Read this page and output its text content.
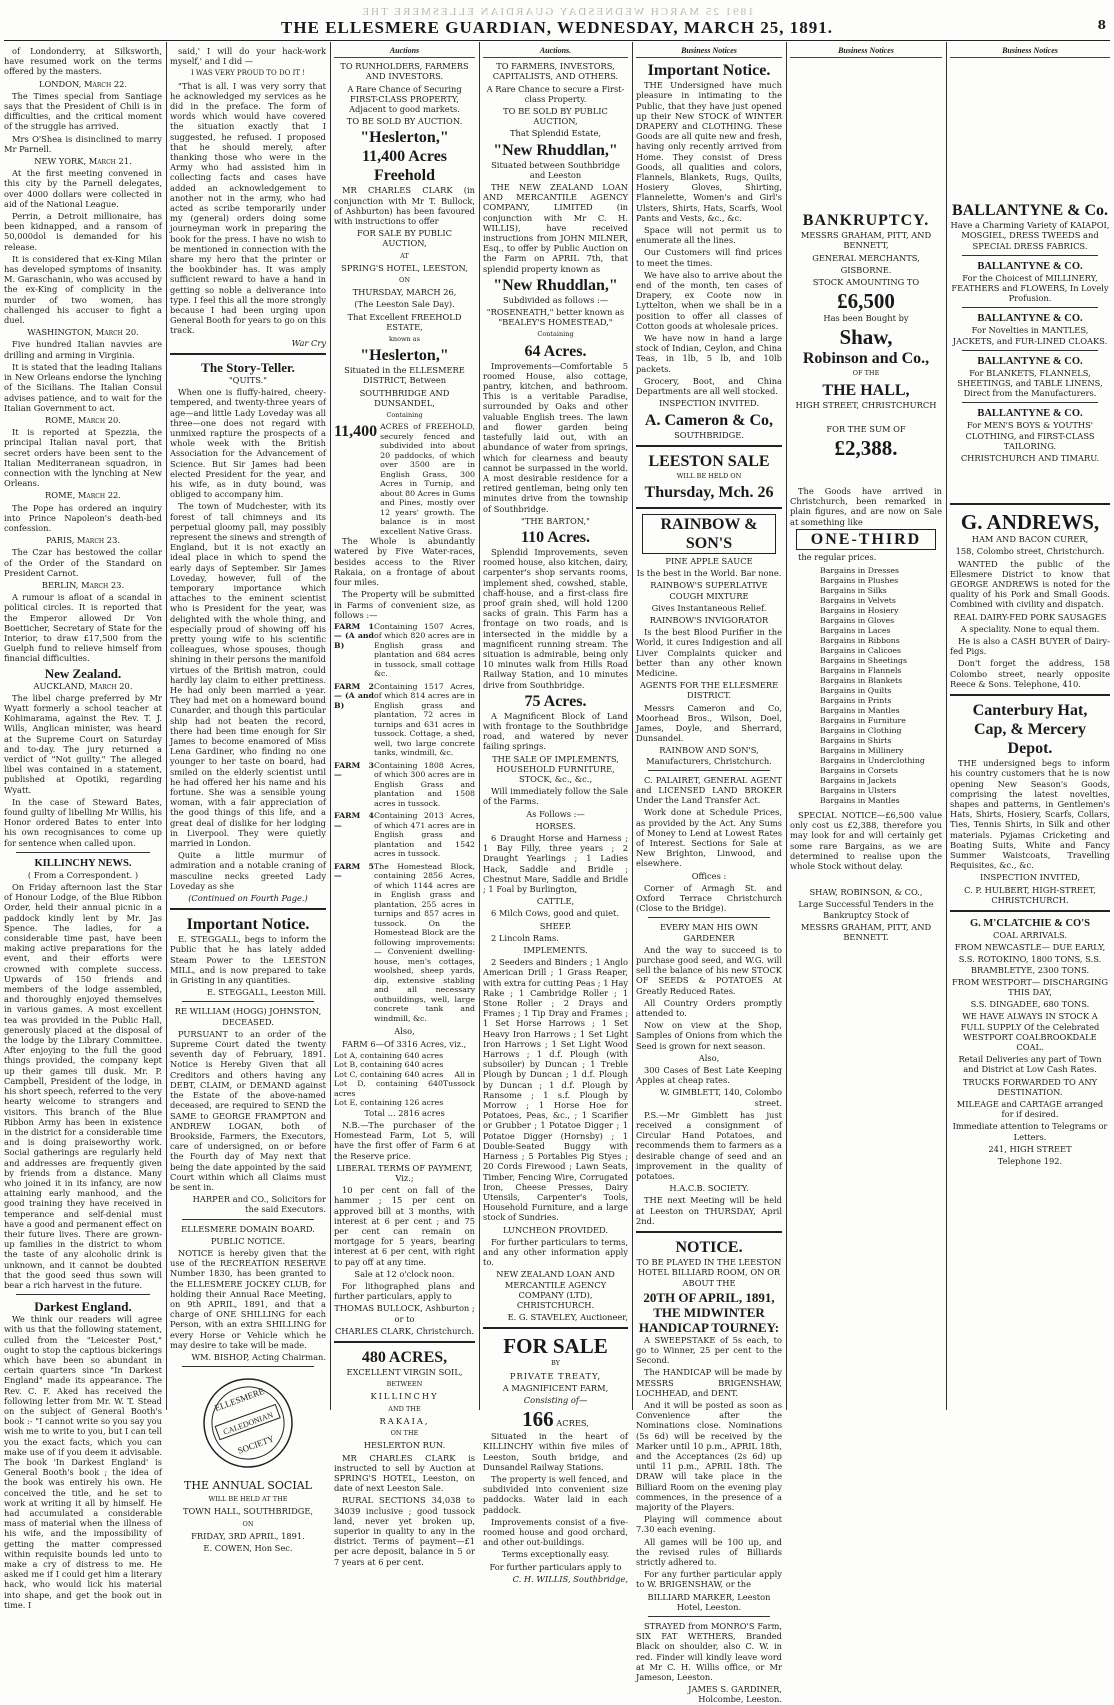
1891 25 MARCH WEDNESDAY GUARDIAN ELLESMERE THE
THE ELLESMERE GUARDIAN, WEDNESDAY, MARCH 25, 1891.	8

of Londonderry, at Silksworth, have resumed work on the terms offered by the masters.

LONDON, March 22.

The Times special from Santiage says that the President of Chili is in difficulties, and the critical moment of the struggle has arrived.

Mrs O'Shea is disinclined to marry Mr Parnell.

NEW YORK, March 21.

At the first meeting convened in this city by the Parnell delegates, over 4000 dollars were collected in aid of the National League.

Perrin, a Detroit millionaire, has been kidnapped, and a ransom of 50,000dol is demanded for his release.

It is considered that ex-King Milan has developed symptoms of insanity. M. Garaschanin, who was accused by the ex-King of complicity in the murder of two women, has challenged his accuser to fight a duel.

WASHINGTON, March 20.

Five hundred Italian navvies are drilling and arming in Virginia.

It is stated that the leading Italians in New Orleans endorse the lynching of the Sicilians. The Italian Consul advises patience, and to wait for the Italian Government to act.

ROME, March 20.

It is reported at Spezzia, the principal Italian naval port, that secret orders have been sent to the Italian Mediterranean squadron, in connection with the lynching at New Orleans.

ROME, March 22.

The Pope has ordered an inquiry into Prince Napoleon's death-bed confession.

PARIS, March 23.

The Czar has bestowed the collar of the Order of the Standard on President Carnot.

BERLIN, March 23.

A rumour is afloat of a scandal in political circles. It is reported that the Emperor allowed Dr Von Boetticher, Secretary of State for the Interior, to draw £17,500 from the Guelph fund to relieve himself from financial difficulties.

New Zealand.

AUCKLAND, March 20.

The libel charge preferred by Mr Wyatt formerly a school teacher at Kohimarama, against the Rev. T. J. Wills, Anglican minister, was heard at the Supreme Court on Saturday and to-day. The jury returned a verdict of "Not guilty." The alleged libel was contained in a statement, published at Opotiki, regarding Wyatt.

In the case of Steward Bates, found guilty of libelling Mr Willis, his Honor ordered Bates to enter into his own recognisances to come up for sentence when called upon.

KILLINCHY NEWS.

( From a Correspondent. )

On Friday afternoon last the Star of Honour Lodge, of the Blue Ribbon Order, held their annual picnic in a paddock kindly lent by Mr. Jas Spence. The ladies, for a considerable time past, have been making active preparations for the event, and their efforts were crowned with complete success. Upwards of 150 friends and members of the lodge assembled, and thoroughly enjoyed themselves in various games. A most excellent tea was provided in the Public Hall, generously placed at the disposal of the lodge by the Library Committee. After enjoying to the full the good things provided, the company kept up their games till dusk. Mr. P. Campbell, President of the lodge, in his short speech, referred to the very hearty welcome to strangers and visitors. This branch of the Blue Ribbon Army has been in existence in the district for a considerable time and is doing praiseworthy work. Social gatherings are regularly held and addresses are frequently given by friends from a distance. Many who joined it in its infancy, are now attaining early manhood, and the good training they have received in temperance and self-denial must have a good and permanent effect on their future lives. There are grown-up families in the district to whom the taste of any alcoholic drink is unknown, and it cannot be doubted that the good seed thus sown will bear a rich harvest in the future.

Darkest England.

We think our readers will agree with us that the following statement, culled from the "Leicester Post," ought to stop the captious bickerings which have been so abundant in certain quarters since "In Darkest England" made its appearance. The Rev. C. F. Aked has received the following letter from Mr. W. T. Stead on the subject of General Booth's book :- "I cannot write so you say you wish me to write to you, but I can tell you the exact facts, which you can make use of if you deem it advisable. The book 'In Darkest England' is General Booth's book ; the idea of the book was entirely his own. He conceived the title, and he set to work at writing it all by himself. He had accumulated a considerable mass of material when the illness of his wife, and the impossibility of getting the matter compressed within requisite bounds led unto to make a cry of distress to me. He asked me if I could get him a literary hack, who would lick his material into shape, and get the book out in time. I

said,' I will do your hack-work myself,' and I did —

I WAS VERY PROUD TO DO IT !

"That is all. I was very sorry that he acknowledged my services as he did in the preface. The form of words which would have covered the situation exactly that I suggested, he refused. I proposed that he should merely, after thanking those who were in the Army who had assisted him in collecting facts and cases have added an acknowledgement to another not in the army, who had acted as scribe temporarily under my (general) orders doing some journeyman work in preparing the book for the press. I have no wish to be mentioned in connection with the share my hero that the printer or the bookbinder has. It was amply sufficient reward to have a hand in getting so noble a deliverance into type. I feel this all the more strongly because I had been urging upon General Booth for years to go on this track.

War Cry

The Story-Teller.

"QUITS."

When one is fluffy-haired, cheery-tempered, and twenty-three years of age—and little Lady Loveday was all three—one does not regard with unmixed rapture the prospects of a whole week with the British Association for the Advancement of Science. But Sir James had been elected President for the year, and his wife, as in duty bound, was obliged to accompany him.

The town of Mudchester, with its forest of tall chimneys and its perpetual gloomy pall, may possibly represent the sinews and strength of England, but it is not exactly an ideal place in which to spend the early days of September. Sir James Loveday, however, full of the temporary importance which attaches to the eminent scientist who is President for the year, was delighted with the whole thing, and especially proud of showing off his pretty young wife to his scientific colleagues, whose spouses, though shining in their persons the manifold virtues of the British matron, could hardly lay claim to either prettiness. He had only been married a year. They had met on a homeward bound Cunarder, and though this particular ship had not beaten the record, there had been time enough for Sir James to become enamored of Miss Lena Gardiner, who finding no one younger to her taste on board, had smiled on the elderly scientist until he had offered her his name and his fortune. She was a sensible young woman, with a fair appreciation of the good things of this life, and a great deal of dislike for her lodging in Liverpool. They were quietly married in London.

Quite a little murmur of admiration and a notable craning of masculine necks greeted Lady Loveday as she

(Continued on Fourth Page.)

Important Notice.

E. STEGGALL, begs to inform the Public that he has lately added Steam Power to the LEESTON MILL, and is now prepared to take in Gristing in any quantities.

E. STEGGALL, Leeston Mill.

RE WILLIAM (HOGG) JOHNSTON, DECEASED.

PURSUANT to an order of the Supreme Court dated the twenty seventh day of February, 1891. Notice is Hereby Given that all Creditors and others having any DEBT, CLAIM, or DEMAND against the Estate of the above-named deceased, are required to SEND the SAME to GEORGE FRAMPTON and ANDREW LOGAN, both of Brookside, Farmers, the Executors, care of undersigned, on or before the Fourth day of May next that being the date appointed by the said Court within which all Claims must be sent in.

HARPER and CO., Solicitors for the said Executors.

ELLESMERE DOMAIN BOARD.

PUBLIC NOTICE.

NOTICE is hereby given that the use of the RECREATION RESERVE Number 1830, has been granted to the ELLESMERE JOCKEY CLUB, for holding their Annual Race Meeting, on 9th APRIL, 1891, and that a charge of ONE SHILLING for each Person, with an extra SHILLING for every Horse or Vehicle which he may desire to take will be made.

WM. BISHOP, Acting Chairman.

ELLESMERE
CALEDONIAN
SOCIETY

THE ANNUAL SOCIAL

WILL BE HELD AT THE

TOWN HALL, SOUTHBRIDGE,

ON

FRIDAY, 3RD APRIL, 1891.

E. COWEN, Hon Sec.

Auctions

TO RUNHOLDERS, FARMERS AND INVESTORS.

A Rare Chance of Securing FIRST-CLASS PROPERTY, Adjacent to good markets.

TO BE SOLD BY AUCTION.

"Heslerton,"
11,400 Acres
Freehold

MR CHARLES CLARK (in conjunction with Mr T. Bullock, of Ashburton) has been favoured with instructions to offer

FOR SALE BY PUBLIC AUCTION,

AT

SPRING'S HOTEL, LEESTON,

ON

THURSDAY, MARCH 26,

(The Leeston Sale Day).

That Excellent FREEHOLD ESTATE,

known as

"Heslerton,"

Situated in the ELLESMERE DISTRICT, Between

SOUTHBRIDGE AND DUNSANDEL,

Containing

11,400 ACRES of FREEHOLD, securely fenced and subdivided into about 20 paddocks, of which over 3500 are in English Grass, 300 Acres in Turnip, and about 80 Acres in Gums and Pines, mostly over 12 years' growth. The balance is in most excellent Native Grass.

The Whole is abundantly watered by Five Water-races, besides access to the River Rakaia, on a frontage of about four miles.

The Property will be submitted in Farms of convenient size, as follows :—

FARM 1 — (A and B)
Containing 1507 Acres, of which 820 acres are in English grass and plantation and 684 acres in tussock, small cottage &c.
FARM 2 — (A and B)
Containing 1517 Acres, of which 814 acres are in English grass and plantation, 72 acres in turnips and 631 acres in tussock. Cottage, a shed, well, two large concrete tanks, windmill, &c.
FARM 3 —
Containing 1808 Acres, of which 300 acres are in English Grass and plantation and 1508 acres in tussock.
FARM 4 —
Containing 2013 Acres, of which 471 acres are in English grass and plantation and 1542 acres in tussock.
FARM 5 —
The Homestead Block, containing 2856 Acres, of which 1144 acres are in English grass and plantation, 255 acres in turnips and 857 acres in tussock. On the Homestead Block are the following improvements:— Convenient dwelling-house, men's cottages, woolshed, sheep yards, dip, extensive stabling and all necessary outbuildings, well, large concrete tank and windmill, &c.

Also,

FARM 6—Of 3316 Acres, viz.,

Lot A, containing 640 acres
Lot B, containing 640 acres
Lot C, containing 640 acres All in
Lot D, containing 640 acres
Tussock
Lot E, containing 126 acres

Total ... 2816 acres

N.B.—The purchaser of the Homestead Farm, Lot 5, will have the first offer of Farm 6 at the Reserve price.

LIBERAL TERMS OF PAYMENT, Viz.;

10 per cent on fall of the hammer ; 15 per cent on approved bill at 3 months, with interest at 6 per cent ; and 75 per cent can remain on mortgage for 5 years, bearing interest at 6 per cent, with right to pay off at any time.

Sale at 12 o'clock noon.

For lithographed plans and further particulars, apply to

THOMAS BULLOCK, Ashburton ; or to

CHARLES CLARK, Christchurch.

480 ACRES,

EXCELLENT VIRGIN SOIL,

BETWEEN

KILLINCHY

AND THE

RAKAIA,

ON THE

HESLERTON RUN.

MR CHARLES CLARK is instructed to sell by Auction at SPRING'S HOTEL, Leeston, on date of next Leeston Sale.

RURAL SECTIONS 34,038 to 34039 inclusive ; good tussock land, never yet broken up, superior in quality to any in the district. Terms of payment—£1 per acre deposit, balance in 5 or 7 years at 6 per cent.

Auctions.

TO FARMERS, INVESTORS, CAPITALISTS, AND OTHERS.

A Rare Chance to secure a First-class Property.

TO BE SOLD BY PUBLIC AUCTION,

That Splendid Estate,

"New Rhuddlan,"

Situated between Southbridge and Leeston

THE NEW ZEALAND LOAN AND MERCANTILE AGENCY COMPANY, LIMITED (in conjunction with Mr C. H. WILLIS), have received instructions from JOHN MILNER, Esq., to offer by Public Auction on the Farm on APRIL 7th, that splendid property known as

"New Rhuddlan,"

Subdivided as follows :—

"ROSENEATH," better known as "BEALEY'S HOMESTEAD,"

Containing

64 Acres.

Improvements—Comfortable 5 roomed House, also cottage, pantry, kitchen, and bathroom. This is a veritable Paradise, surrounded by Oaks and other valuable English trees. The lawn and flower garden being tastefully laid out, with an abundance of water from springs, which for clearness and beauty cannot be surpassed in the world. A most desirable residence for a retired gentleman, being only ten minutes drive from the township of Southbridge.

"THE BARTON,"

110 Acres.

Splendid Improvements, seven roomed house, also kitchen, dairy, carpenter's shop servants rooms, implement shed, cowshed, stable, chaff-house, and a first-class fire proof grain shed, will hold 1200 sacks of grain. This Farm has a frontage on two roads, and is intersected in the middle by a magnificent running stream. The situation is admirable, being only 10 minutes walk from Hills Road Railway Station, and 10 minutes drive from Southbridge.

75 Acres.

A Magnificent Block of Land with frontage to the Southbridge road, and watered by never failing springs.

THE SALE OF IMPLEMENTS, HOUSEHOLD FURNITURE, STOCK, &c., &c.,

Will immediately follow the Sale of the Farms.

As Follows :—

HORSES.

6 Draught Horse and Harness ; 1 Bay Filly, three years ; 2 Draught Yearlings ; 1 Ladies Hack, Saddle and Bridle ; Chestnut Mare, Saddle and Bridle ; 1 Foal by Burlington,

CATTLE,

6 Milch Cows, good and quiet.

SHEEP.

2 Lincoln Rams.

IMPLEMENTS.

2 Seeders and Binders ; 1 Anglo American Drill ; 1 Grass Reaper, with extra for cutting Peas ; 1 Hay Rake ; 1 Cambridge Roller ; 1 Stone Roller ; 2 Drays and Frames ; 1 Tip Dray and Frames ; 1 Set Horse Harrows ; 1 Set Heavy Iron Harrows ; 1 Set Light Iron Harrows ; 1 Set Light Wood Harrows ; 1 d.f. Plough (with subsoiler) by Duncan ; 1 Treble Plough by Duncan ; 1 d.f. Plough by Duncan ; 1 d.f. Plough by Ransome ; 1 s.f. Plough by Morrow ; 1 Horse Hoe for Potatoes, Peas, &c., ; 1 Scarifier or Grubber ; 1 Potatoe Digger ; 1 Potatoe Digger (Hornsby) ; 1 Double-Seated Buggy with Harness ; 5 Portables Pig Styes ; 20 Cords Firewood ; Lawn Seats, Timber, Fencing Wire, Corrugated Iron, Cheese Presses, Dairy Utensils, Carpenter's Tools, Household Furniture, and a large stock of Sundries.

LUNCHEON PROVIDED.

For further particulars to terms, and any other information apply to.

NEW ZEALAND LOAN AND MERCANTILE AGENCY COMPANY (LTD), CHRISTCHURCH.

E. G. STAVELEY, Auctioneer,

FOR SALE

BY

PRIVATE TREATY,

A MAGNIFICENT FARM,

Consisting of—

166 ACRES,

Situated in the heart of KILLINCHY within five miles of Leeston, South bridge, and Dunsandel Railway Stations.

The property is well fenced, and subdivided into convenient size paddocks. Water laid in each paddock.

Improvements consist of a five-roomed house and good orchard, and other out-buildings.

Terms exceptionally easy.

For further particulars apply to

C. H. WILLIS, Southbridge,

Business Notices
Important Notice.

THE Undersigned have much pleasure in intimating to the Public, that they have just opened up their New STOCK of WINTER DRAPERY and CLOTHING. These Goods are all quite new and fresh, having only recently arrived from Home. They consist of Dress Goods, all qualities and colors, Flannels, Blankets, Rugs, Quilts, Hosiery Gloves, Shirting, Flannelette, Women's and Girl's Ulsters, Shirts, Hats, Scarfs, Wool Pants and Vests, &c., &c.

Space will not permit us to enumerate all the lines.

Our Customers will find prices to meet the times.

We have also to arrive about the end of the month, ten cases of Drapery, ex Coote now in Lyttelton, when we shall be in a position to offer all classes of Cotton goods at wholesale prices.

We have now in hand a large stock of Indian, Ceylon, and China Teas, in 1lb, 5 lb, and 10lb packets.

Grocery, Boot, and China Departments are all well stocked.

INSPECTION INVITED.

A. Cameron & Co,

SOUTHBRIDGE.

LEESTON SALE

WILL BE HELD ON

Thursday, Mch. 26
RAINBOW & SON'S

PINE APPLE SAUCE

Is the best in the World. Bar none.

RAINBOW'S SUPERLATIVE COUGH MIXTURE

Gives Instantaneous Relief.

RAINBOW'S INVIGORATOR

Is the best Blood Purifier in the World, it cures Indigestion and all Liver Complaints quicker and better than any other known Medicine.

AGENTS FOR THE ELLESMERE DISTRICT.

Messrs Cameron and Co, Moorhead Bros., Wilson, Doel, James, Doyle, and Sherrard, Dunsandel.

RAINBOW AND SON'S, Manufacturers, Christchurch.

C. PALAIRET, GENERAL AGENT and LICENSED LAND BROKER Under the Land Transfer Act.

Work done at Schedule Prices, as provided by the Act. Any Sums of Money to Lend at Lowest Rates of Interest. Sections for Sale at New Brighton, Linwood, and elsewhere.

Offices :

Corner of Armagh St. and Oxford Terrace Christchurch (Close to the Bridge).

EVERY MAN HIS OWN GARDENER

And the way to succeed is to purchase good seed, and W.G. will sell the balance of his new STOCK OF SEEDS & POTATOES At Greatly Reduced Rates.

All Country Orders promptly attended to.

Now on view at the Shop, Samples of Onions from which the Seed is grown for next season.

Also,

300 Cases of Best Late Keeping Apples at cheap rates.

W. GIMBLETT, 140, Colombo street.

P.S.—Mr Gimblett has just received a consignment of Circular Hand Potatoes, and recommends them to farmers as a desirable change of seed and an improvement in the quality of potatoes.

H.A.C.B. SOCIETY.

THE next Meeting will be held at Leeston on THURSDAY, April 2nd.

NOTICE.

TO BE PLAYED IN THE LEESTON HOTEL BILLIARD ROOM, ON OR ABOUT THE

20TH OF APRIL, 1891,
THE MIDWINTER HANDICAP TOURNEY:

A SWEEPSTAKE of 5s each, to go to Winner, 25 per cent to the Second.

The HANDICAP will be made by MESSRS BRIGENSHAW, LOCHHEAD, and DENT.

And it will be posted as soon as Convenience after the Nominations close. Nominations (5s 6d) will be received by the Marker until 10 p.m., APRIL 18th, and the Acceptances (2s 6d) up until 11 p.m., APRIL 18th. The DRAW will take place in the Billiard Room on the evening play commences, in the presence of a majority of the Players.

Playing will commence about 7.30 each evening.

All games will be 100 up, and the revised rules of Billiards strictly adhered to.

For any further particular apply to W. BRIGENSHAW, or the

BILLIARD MARKER, Leeston Hotel, Leeston.

STRAYED from MONRO'S Farm, SIX FAT WETHERS, Branded Black on shoulder, also C. W. in red. Finder will kindly leave word at Mr C. H. Willis office, or Mr Jameson, Leeston.

JAMES S. GARDINER, Holcombe, Leeston.

Business Notices
BANKRUPTCY.

MESSRS GRAHAM, PITT, AND BENNETT,

GENERAL MERCHANTS,

GISBORNE.

STOCK AMOUNTING TO

£6,500

Has been Bought by

Shaw,
Robinson and Co.,

OF THE

THE HALL,

HIGH STREET, CHRISTCHURCH

FOR THE SUM OF

£2,388.

The Goods have arrived in Christchurch, been remarked in plain figures, and are now on Sale at something like

ONE-THIRD

the regular prices.

Bargains in Dresses
Bargains in Plushes
Bargains in Silks
Bargains in Velvets
Bargains in Hosiery
Bargains in Gloves
Bargains in Laces
Bargains in Ribbons
Bargains in Calicoes
Bargains in Sheetings
Bargains in Flannels
Bargains in Blankets
Bargains in Quilts
Bargains in Prints
Bargains in Mantles
Bargains in Furniture
Bargains in Clothing
Bargains in Shirts
Bargains in Millinery
Bargains in Underclothing
Bargains in Corsets
Bargains in Jackets
Bargains in Ulsters
Bargains in Mantles

SPECIAL NOTICE—£6,500 value only cost us £2,388, therefore you may look for and will certainly get some rare Bargains, as we are determined to realise upon the whole Stock without delay.

SHAW, ROBINSON, & CO.,

Large Successful Tenders in the Bankruptcy Stock of

MESSRS GRAHAM, PITT, AND BENNETT.

Business Notices
BALLANTYNE & Co.

Have a Charming Variety of KAIAPOI, MOSGIEL, DRESS TWEEDS and SPECIAL DRESS FABRICS.

BALLANTYNE & CO.

For the Choicest of MILLINERY, FEATHERS and FLOWERS, In Lovely Profusion.

BALLANTYNE & CO.

For Novelties in MANTLES, JACKETS, and FUR-LINED CLOAKS.

BALLANTYNE & CO.

For BLANKETS, FLANNELS, SHEETINGS, and TABLE LINENS, Direct from the Manufacturers.

BALLANTYNE & CO.

For MEN'S BOYS & YOUTHS' CLOTHING, and FIRST-CLASS TAILORING.

CHRISTCHURCH AND TIMARU.

G. ANDREWS,

HAM AND BACON CURER,

158, Colombo street, Christchurch.

WANTED the public of the Ellesmere District to know that GEORGE ANDREWS is noted for the quality of his Pork and Small Goods. Combined with civility and dispatch.

REAL DAIRY-FED PORK SAUSAGES

A speciality. None to equal them.

He is also a CASH BUYER of Dairy-fed Pigs.

Don't forget the address, 158 Colombo street, nearly opposite Reece & Sons. Telephone, 410.

Canterbury Hat,
Cap, & Mercery
Depot.

THE undersigned begs to inform his country customers that he is now opening New Season's Goods, comprising the latest novelties, shapes and patterns, in Gentlemen's Hats, Shirts, Hosiery, Scarfs, Collars, Ties, Tennis Shirts, in Silk and other materials. Pyjamas Cricketing and Boating Suits, White and Fancy Summer Waistcoats, Travelling Requisites, &c., &c.

INSPECTION INVITED,

C. P. HULBERT, HIGH-STREET, CHRISTCHURCH.

G. M'CLATCHIE & CO'S

COAL ARRIVALS.

FROM NEWCASTLE— DUE EARLY,

S.S. ROTOKINO, 1800 TONS, S.S. BRAMBLETYE, 2300 TONS.

FROM WESTPORT— DISCHARGING THIS DAY,

S.S. DINGADEE, 680 TONS.

WE HAVE ALWAYS IN STOCK A FULL SUPPLY Of the Celebrated WESTPORT COALBROOKDALE COAL.

Retail Deliveries any part of Town and District at Low Cash Rates.

TRUCKS FORWARDED TO ANY DESTINATION.

MILEAGE and CARTAGE arranged for if desired.

Immediate attention to Telegrams or Letters.

241, HIGH STREET

Telephone 192.
